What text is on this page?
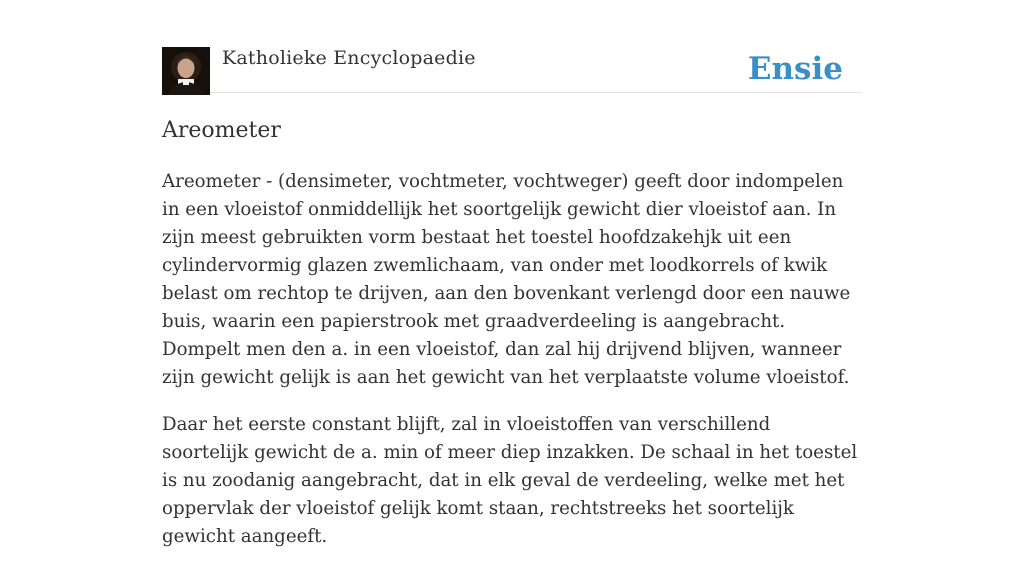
Katholieke Encyclopaedie	Ensie
Areometer

Areometer - (densimeter, vochtmeter, vochtweger) geeft door indompelen in een vloeistof onmiddellijk het soortgelijk gewicht dier vloeistof aan. In zijn meest gebruikten vorm bestaat het toestel hoofdzakehjk uit een cylindervormig glazen zwemlichaam, van onder met loodkorrels of kwik belast om rechtop te drijven, aan den bovenkant verlengd door een nauwe buis, waarin een papierstrook met graadverdeeling is aangebracht. Dompelt men den a. in een vloeistof, dan zal hij drijvend blijven, wanneer zijn gewicht gelijk is aan het gewicht van het verplaatste volume vloeistof.

Daar het eerste constant blijft, zal in vloeistoffen van verschillend soortelijk gewicht de a. min of meer diep inzakken. De schaal in het toestel is nu zoodanig aangebracht, dat in elk geval de verdeeling, welke met het oppervlak der vloeistof gelijk komt staan, rechtstreeks het soortelijk gewicht aangeeft.
